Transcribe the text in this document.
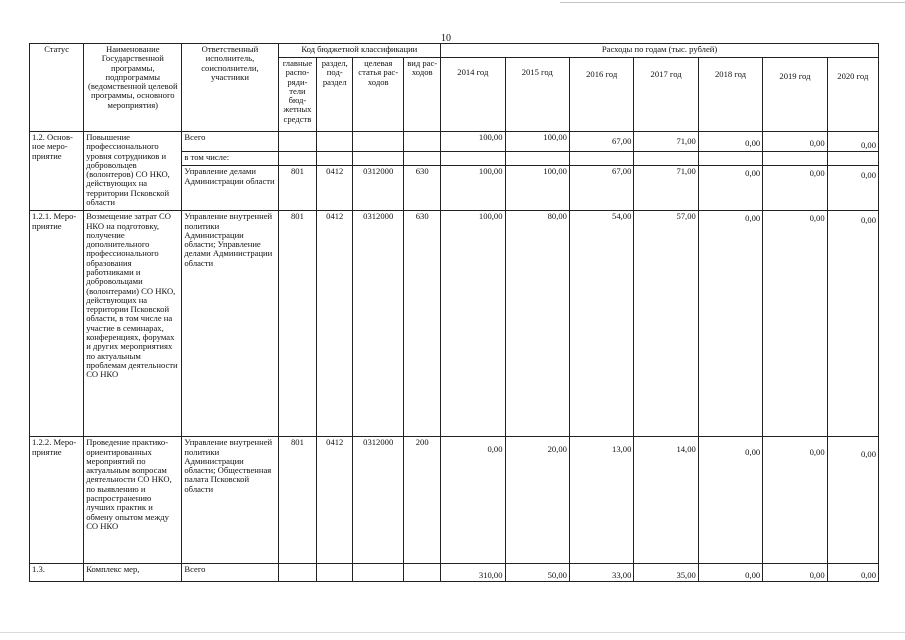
10
Статус	Наименование Государственной программы, подпрограммы (ведомственной целевой программы, основного мероприятия)	Ответственный исполнитель, соисполнители, участники	Код бюджетной классификации				Расходы по годам (тыс. рублей)						
			главные распо-ряди-тели бюд-жетных средств	раздел, под-раздел	целевая статья рас-ходов	вид рас-ходов	2014 год	2015 год	2016 год	2017 год	2018 год	2019 год	2020 год
1.2. Основ-ное меро-приятие	Повышение профессионального уровня сотрудников и добровольцев (волонтеров) СО НКО, действующих на территории Псковской области	Всего					100,00	100,00	67,00	71,00	0,00	0,00	0,00
		в том числе:											
		Управление делами Администрации области	801	0412	0312000	630	100,00	100,00	67,00	71,00	0,00	0,00	0,00
1.2.1. Меро-приятие	Возмещение затрат СО НКО на подготовку, получение дополнительного профессионального образования работниками и добровольцами (волонтерами) СО НКО, действующих на территории Псковской области, в том числе на участие в семинарах, конференциях, форумах и других мероприятиях по актуальным проблемам деятельности СО НКО	Управление внутренней политики Администрации области; Управление делами Администрации области	801	0412	0312000	630	100,00	80,00	54,00	57,00	0,00	0,00	0,00
1.2.2. Меро-приятие	Проведение практико-ориентированных мероприятий по актуальным вопросам деятельности СО НКО, по выявлению и распространению лучших практик и обмену опытом между СО НКО	Управление внутренней политики Администрации области; Общественная палата Псковской области	801	0412	0312000	200	0,00	20,00	13,00	14,00	0,00	0,00	0,00
1.3.	Комплекс мер,	Всего					310,00	50,00	33,00	35,00	0,00	0,00	0,00
